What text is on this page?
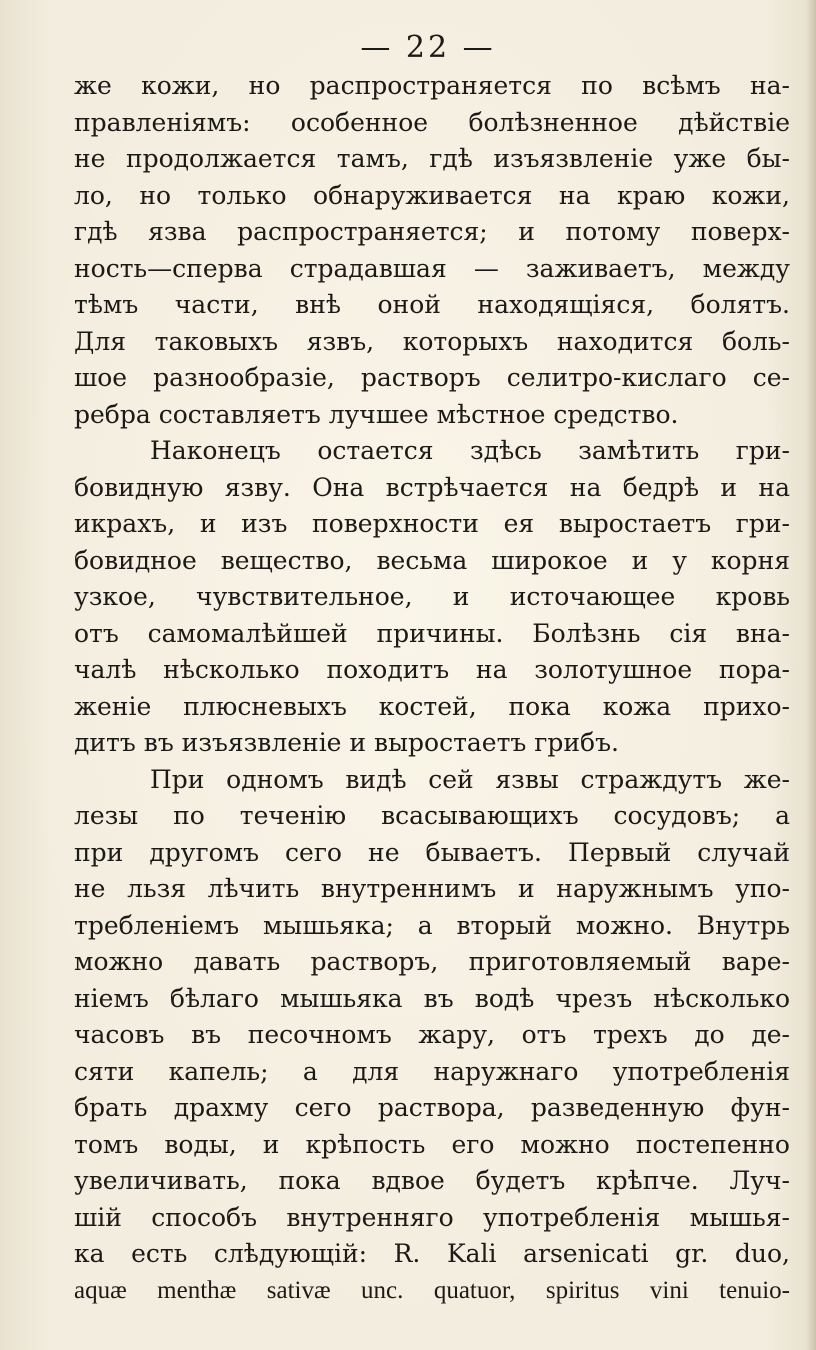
— 22 —
же кожи, но распространяется по всѣмъ на-
правленіямъ: особенное болѣзненное дѣйствіе
не продолжается тамъ, гдѣ изъязвленіе уже бы-
ло, но только обнаруживается на краю кожи,
гдѣ язва распространяется; и потому поверх-
ность—сперва страдавшая — заживаетъ, между
тѣмъ части, внѣ оной находящіяся, болятъ.
Для таковыхъ язвъ, которыхъ находится боль-
шое разнообразіе, растворъ селитро-кислаго се-
ребра составляетъ лучшее мѣстное средство.
Наконецъ остается здѣсь замѣтить гри-
бовидную язву. Она встрѣчается на бедрѣ и на
икрахъ, и изъ поверхности ея выростаетъ гри-
бовидное вещество, весьма широкое и у корня
узкое, чувствительное, и источающее кровь
отъ самомалѣйшей причины. Болѣзнь сія вна-
чалѣ нѣсколько походитъ на золотушное пора-
женіе плюсневыхъ костей, пока кожа прихо-
дитъ въ изъязвленіе и выростаетъ грибъ.
При одномъ видѣ сей язвы страждутъ же-
лезы по теченію всасывающихъ сосудовъ; а
при другомъ сего не бываетъ. Первый случай
не льзя лѣчить внутреннимъ и наружнымъ упо-
требленіемъ мышьяка; а вторый можно. Внутрь
можно давать растворъ, приготовляемый варе-
ніемъ бѣлаго мышьяка въ водѣ чрезъ нѣсколько
часовъ въ песочномъ жару, отъ трехъ до де-
сяти капель; а для наружнаго употребленія
брать драхму сего раствора, разведенную фун-
томъ воды, и крѣпость его можно постепенно
увеличивать, пока вдвое будетъ крѣпче. Луч-
шій способъ внутренняго употребленія мышья-
ка есть слѣдующій: R. Kali arsenicati gr. duo,
aquæ menthæ sativæ unc. quatuor, spiritus vini tenuio-
